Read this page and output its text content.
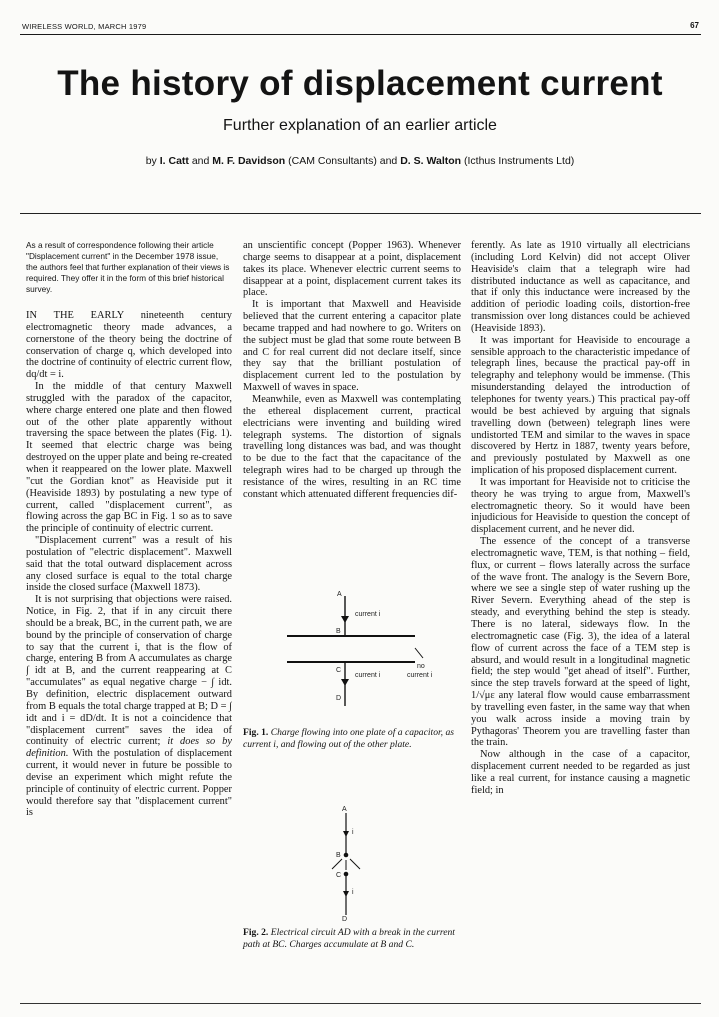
WIRELESS WORLD, MARCH 1979	67
The history of displacement current
Further explanation of an earlier article
by I. Catt and M. F. Davidson (CAM Consultants) and D. S. Walton (Icthus Instruments Ltd)

As a result of correspondence following their article "Displacement current" in the December 1978 issue, the authors feel that further explanation of their views is required. They offer it in the form of this brief historical survey.

IN THE EARLY nineteenth century electromagnetic theory made advances, a cornerstone of the theory being the doctrine of conservation of charge q, which developed into the doctrine of continuity of electric current flow, dq/dt = i.

In the middle of that century Maxwell struggled with the paradox of the capacitor, where charge entered one plate and then flowed out of the other plate apparently without traversing the space between the plates (Fig. 1). It seemed that electric charge was being destroyed on the upper plate and being re-created when it reappeared on the lower plate. Maxwell "cut the Gordian knot" as Heaviside put it (Heaviside 1893) by postulating a new type of current, called "displacement current", as flowing across the gap BC in Fig. 1 so as to save the principle of continuity of electric current.

"Displacement current" was a result of his postulation of "electric displacement". Maxwell said that the total outward displacement across any closed surface is equal to the total charge inside the closed surface (Maxwell 1873).

It is not surprising that objections were raised. Notice, in Fig. 2, that if in any circuit there should be a break, BC, in the current path, we are bound by the principle of conservation of charge to say that the current i, that is the flow of charge, entering B from A accumulates as charge ∫ idt at B, and the current reappearing at C "accumulates" as equal negative charge − ∫ idt. By definition, electric displacement outward from B equals the total charge trapped at B; D = ∫ idt and i = dD/dt. It is not a coincidence that "displacement current" saves the idea of continuity of electric current; it does so by definition. With the postulation of displacement current, it would never in future be possible to devise an experiment which might refute the principle of continuity of electric current. Popper would therefore say that "displacement current" is

an unscientific concept (Popper 1963). Whenever charge seems to disappear at a point, displacement takes its place. Whenever electric current seems to disappear at a point, displacement current takes its place.

It is important that Maxwell and Heaviside believed that the current entering a capacitor plate became trapped and had nowhere to go. Writers on the subject must be glad that some route between B and C for real current did not declare itself, since they say that the brilliant postulation of displacement current led to the postulation by Maxwell of waves in space.

Meanwhile, even as Maxwell was contemplating the ethereal displacement current, practical electricians were inventing and building wired telegraph systems. The distortion of signals travelling long distances was bad, and was thought to be due to the fact that the capacitance of the telegraph wires had to be charged up through the resistance of the wires, resulting in an RC time constant which attenuated different frequencies dif-

A
B
C
D
current i
current i
no
current i
Fig. 1. Charge flowing into one plate of a capacitor, as current i, and flowing out of the other plate.
A
i
B
C
i
D
Fig. 2. Electrical circuit AD with a break in the current path at BC. Charges accumulate at B and C.

ferently. As late as 1910 virtually all electricians (including Lord Kelvin) did not accept Oliver Heaviside's claim that a telegraph wire had distributed inductance as well as capacitance, and that if only this inductance were increased by the addition of periodic loading coils, distortion-free transmission over long distances could be achieved (Heaviside 1893).

It was important for Heaviside to encourage a sensible approach to the characteristic impedance of telegraph lines, because the practical pay-off in telegraphy and telephony would be immense. (This misunderstanding delayed the introduction of telephones for twenty years.) This practical pay-off would be best achieved by arguing that signals travelling down (between) telegraph lines were undistorted TEM and similar to the waves in space discovered by Hertz in 1887, twenty years before, and previously postulated by Maxwell as one implication of his proposed displacement current.

It was important for Heaviside not to criticise the theory he was trying to argue from, Maxwell's electromagnetic theory. So it would have been injudicious for Heaviside to question the concept of displacement current, and he never did.

The essence of the concept of a transverse electromagnetic wave, TEM, is that nothing – field, flux, or current – flows laterally across the surface of the wave front. The analogy is the Severn Bore, where we see a single step of water rushing up the River Severn. Everything ahead of the step is steady, and everything behind the step is steady. There is no lateral, sideways flow. In the electromagnetic case (Fig. 3), the idea of a lateral flow of current across the face of a TEM step is absurd, and would result in a longitudinal magnetic field; the step would "get ahead of itself". Further, since the step travels forward at the speed of light, 1/√με any lateral flow would cause embarrassment by travelling even faster, in the same way that when you walk across inside a moving train by Pythagoras' Theorem you are travelling faster than the train.

Now although in the case of a capacitor, displacement current needed to be regarded as just like a real current, for instance causing a magnetic field; in
